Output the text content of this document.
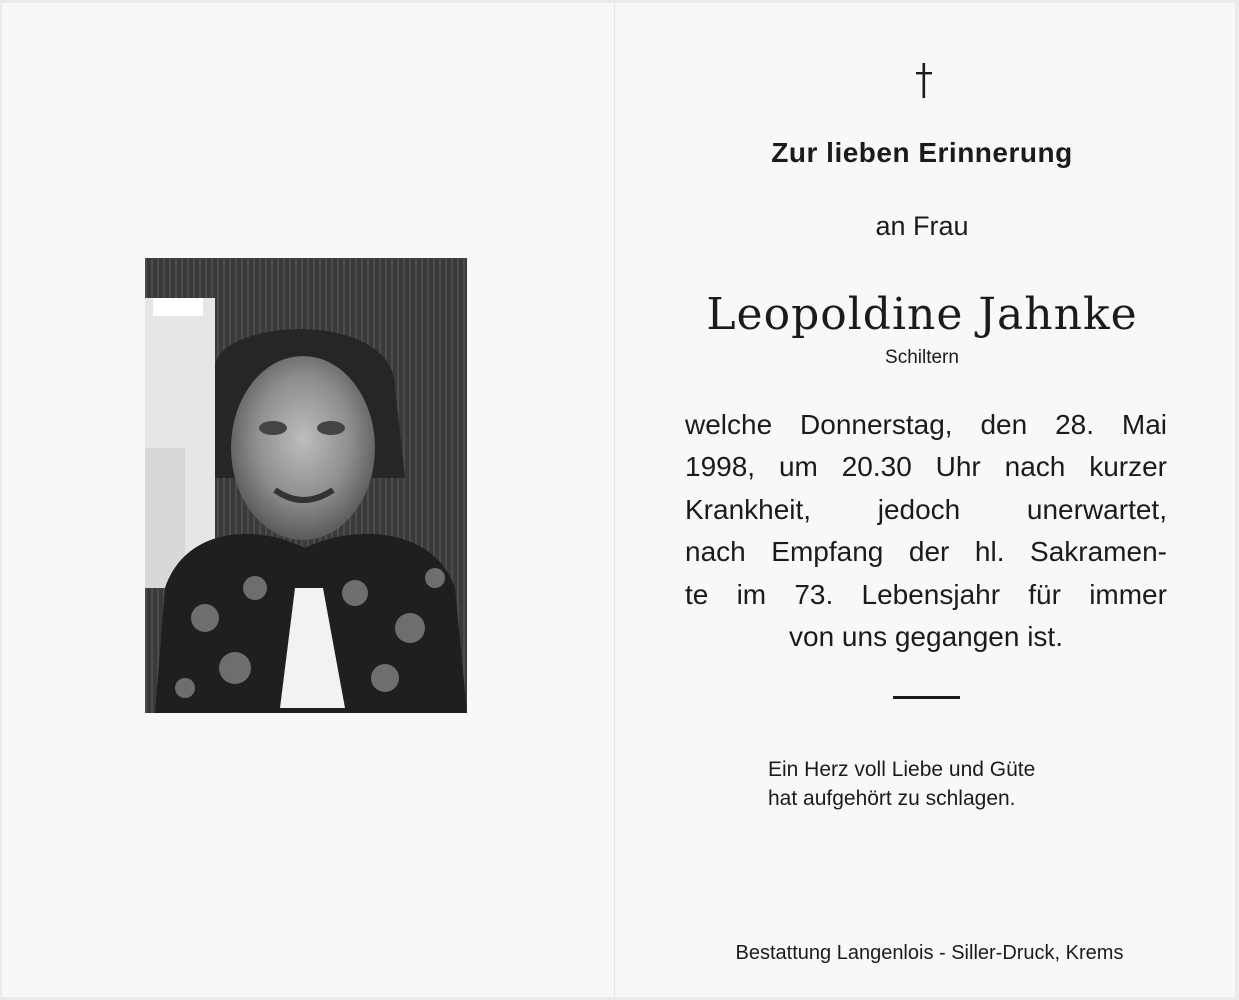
Zur lieben Erinnerung
an Frau
Leopoldine Jahnke
Schiltern
welche Donnerstag, den 28. Mai
1998, um 20.30 Uhr nach kurzer
Krankheit, jedoch unerwartet,
nach Empfang der hl. Sakramen-
te im 73. Lebensjahr für immer
von uns gegangen ist.
Ein Herz voll Liebe und Güte
hat aufgehört zu schlagen.
Bestattung Langenlois - Siller-Druck, Krems
